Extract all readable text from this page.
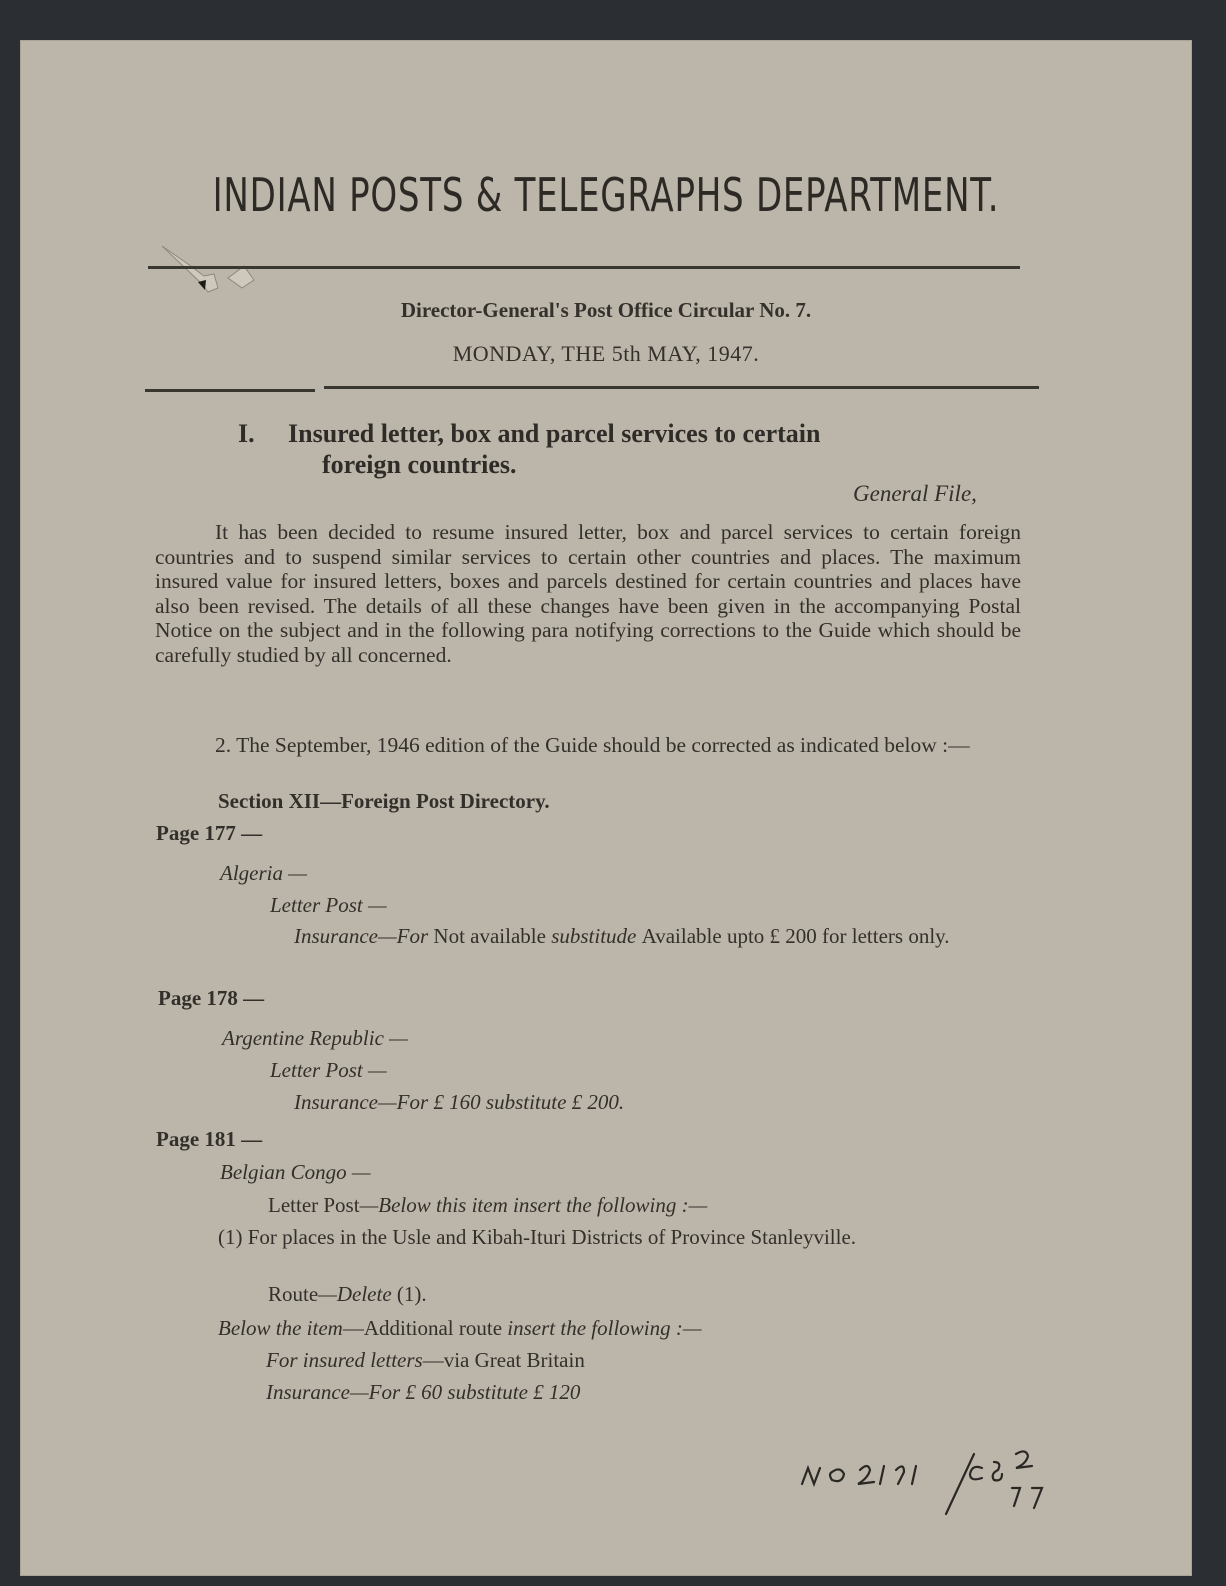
INDIAN POSTS & TELEGRAPHS DEPARTMENT.
Director-General's Post Office Circular No. 7.
MONDAY, THE 5th MAY, 1947.
I. Insured letter, box and parcel services to certain
foreign countries.
General File,
It has been decided to resume insured letter, box and parcel services to certain foreign countries and to suspend similar services to certain other countries and places. The maximum insured value for insured letters, boxes and parcels destined for certain countries and places have also been revised. The details of all these changes have been given in the accompanying Postal Notice on the subject and in the following para notifying corrections to the Guide which should be carefully studied by all concerned.
2. The September, 1946 edition of the Guide should be corrected as indicated below :—
Section XII—Foreign Post Directory.
Page 177 —
Algeria —
Letter Post —
Insurance—For Not available substitude Available upto £ 200 for letters only.
Page 178 —
Argentine Republic —
Letter Post —
Insurance—For £ 160 substitute £ 200.
Page 181 —
Belgian Congo —
Letter Post—Below this item insert the following :—
(1) For places in the Usle and Kibah-Ituri Districts of Province Stanleyville.
Route—Delete (1).
Below the item—Additional route insert the following :—
For insured letters—via Great Britain
Insurance—For £ 60 substitute £ 120
